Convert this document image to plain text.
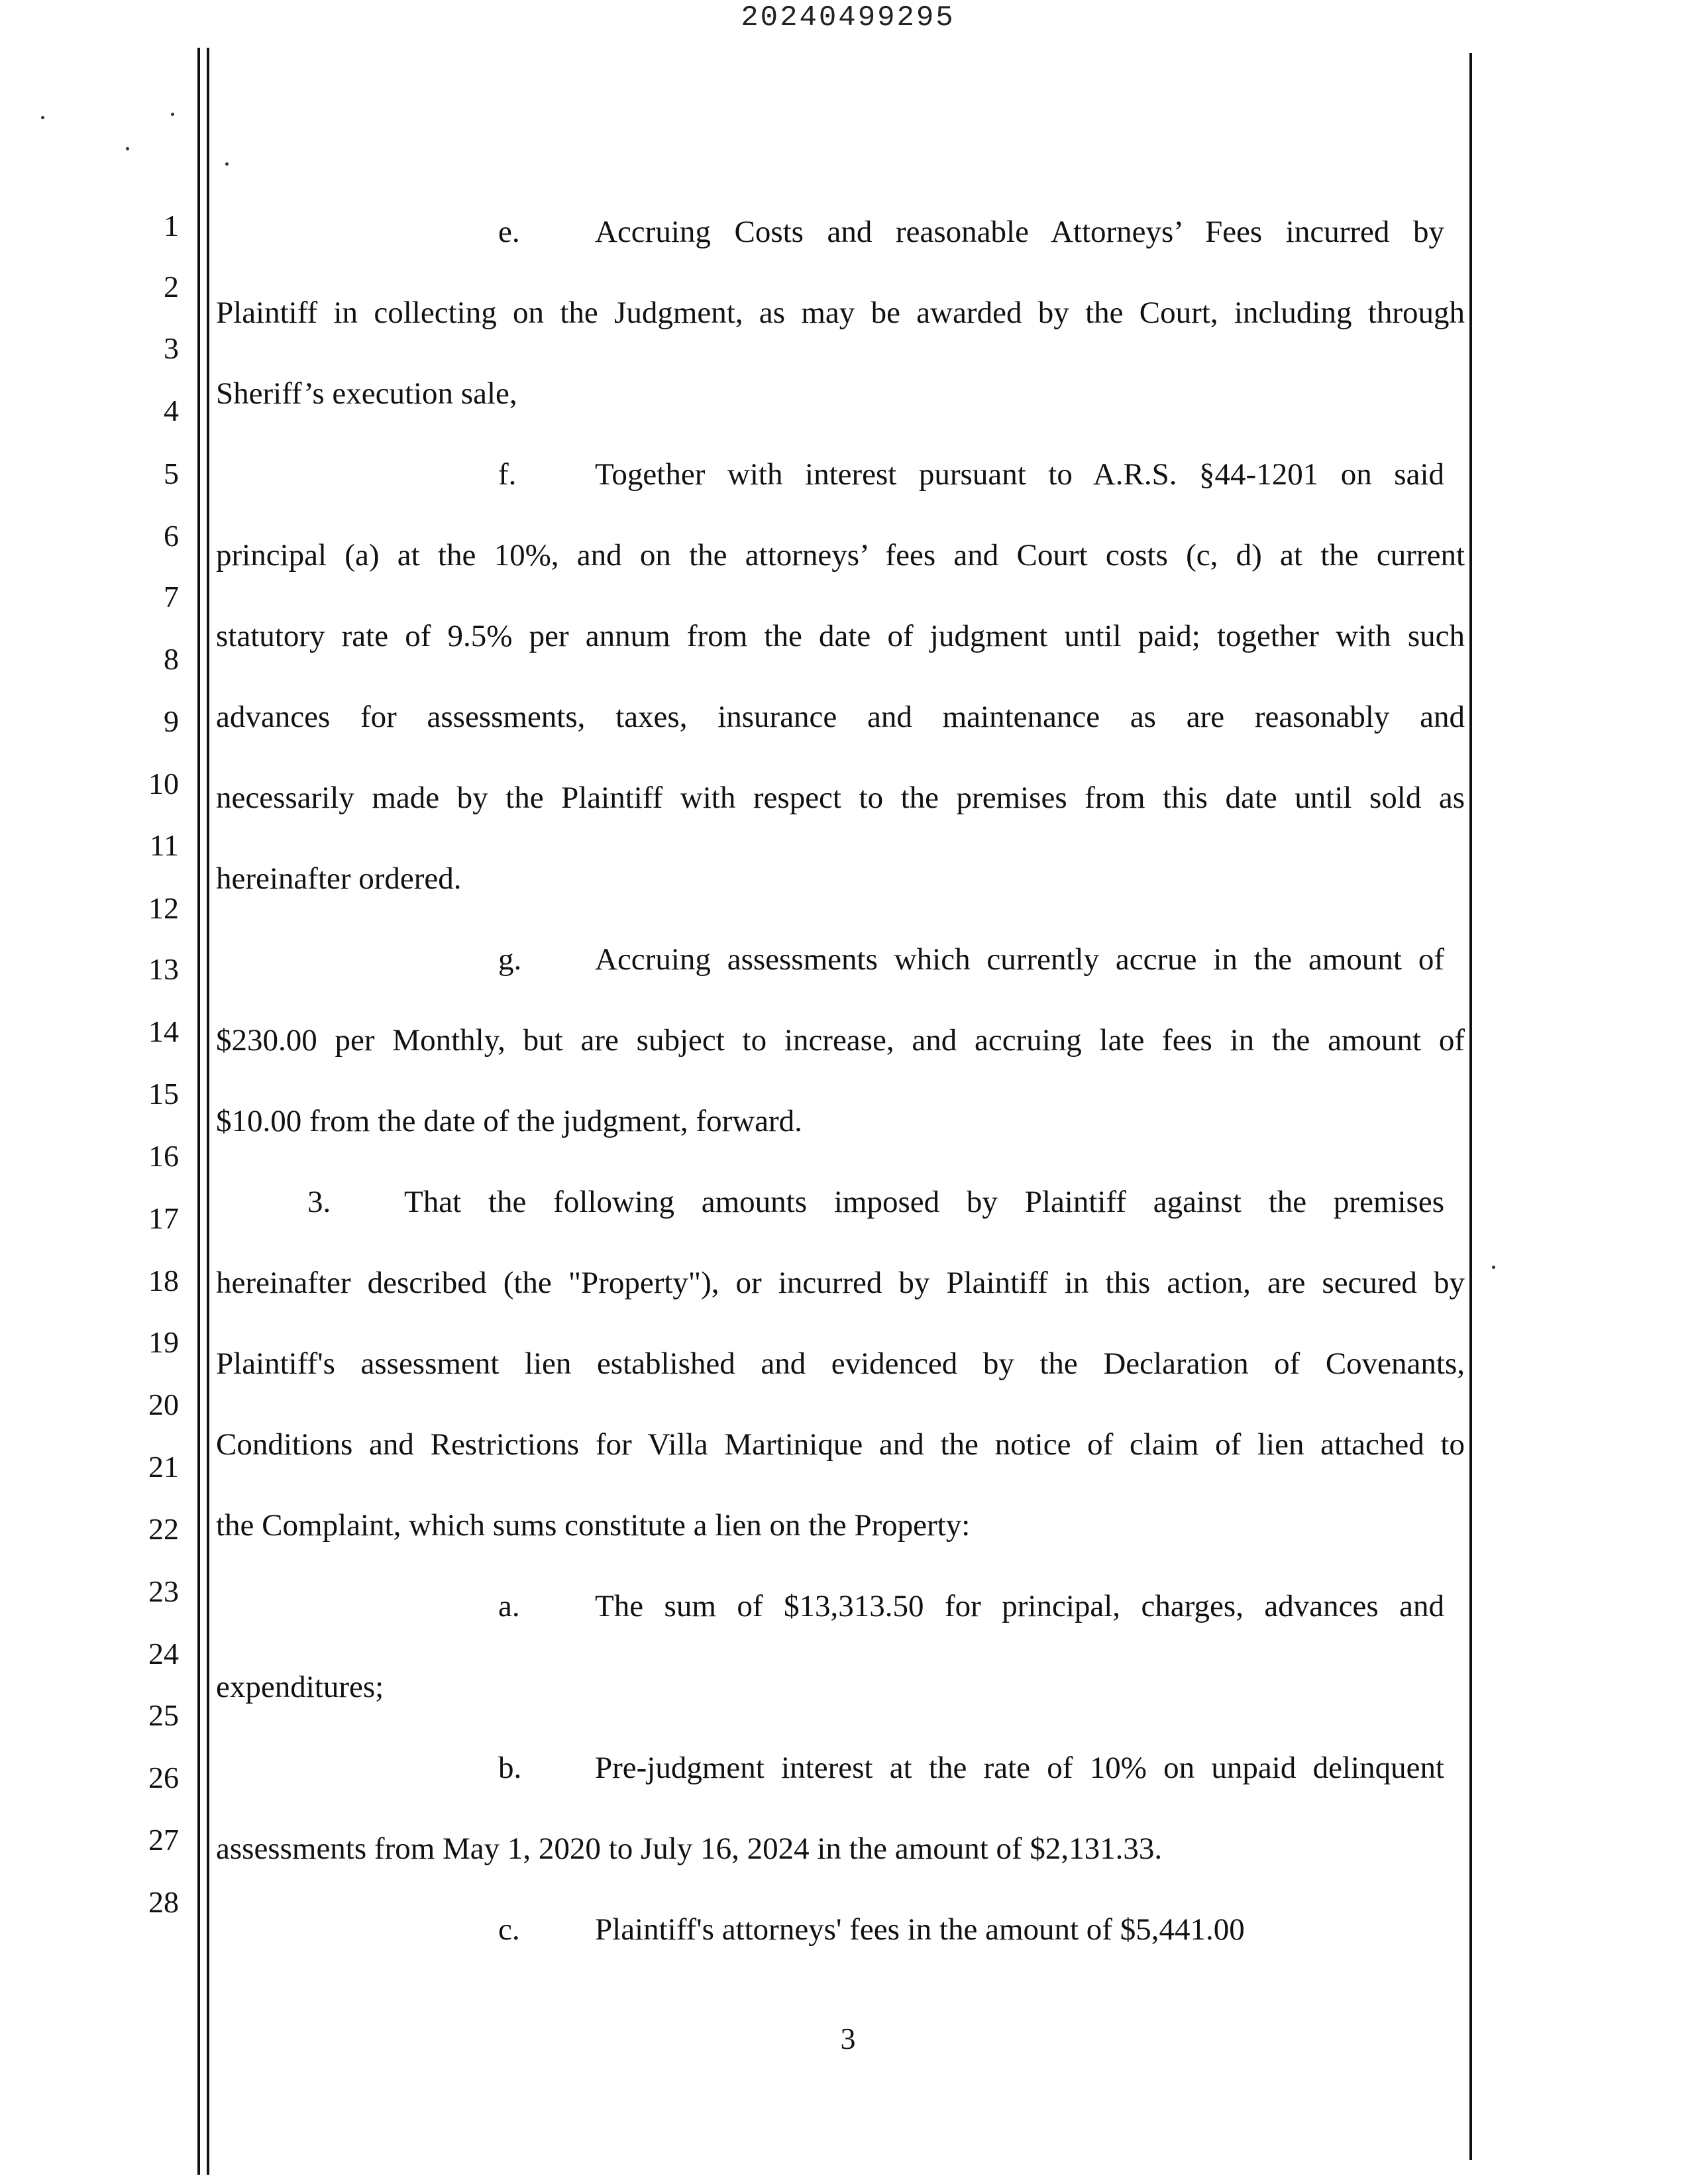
20240499295
1
2
3
4
5
6
7
8
9
10
11
12
13
14
15
16
17
18
19
20
21
22
23
24
25
26
27
28
e.	Accruing Costs and reasonable Attorneys’ Fees incurred by
Plaintiff in collecting on the Judgment, as may be awarded by the Court, including through
Sheriff’s execution sale,
f.	Together with interest pursuant to A.R.S. §44-1201 on said
principal (a) at the 10%, and on the attorneys’ fees and Court costs (c, d) at the current
statutory rate of 9.5% per annum from the date of judgment until paid; together with such
advances for assessments, taxes, insurance and maintenance as are reasonably and
necessarily made by the Plaintiff with respect to the premises from this date until sold as
hereinafter ordered.
g.	Accruing assessments which currently accrue in the amount of
$230.00 per Monthly, but are subject to increase, and accruing late fees in the amount of
$10.00 from the date of the judgment, forward.
3.	That the following amounts imposed by Plaintiff against the premises
hereinafter described (the "Property"), or incurred by Plaintiff in this action, are secured by
Plaintiff's assessment lien established and evidenced by the Declaration of Covenants,
Conditions and Restrictions for Villa Martinique and the notice of claim of lien attached to
the Complaint, which sums constitute a lien on the Property:
a.	The sum of $13,313.50 for principal, charges, advances and
expenditures;
b.	Pre-judgment interest at the rate of 10% on unpaid delinquent
assessments from May 1, 2020 to July 16, 2024 in the amount of $2,131.33.
c.	Plaintiff's attorneys' fees in the amount of $5,441.00
3
